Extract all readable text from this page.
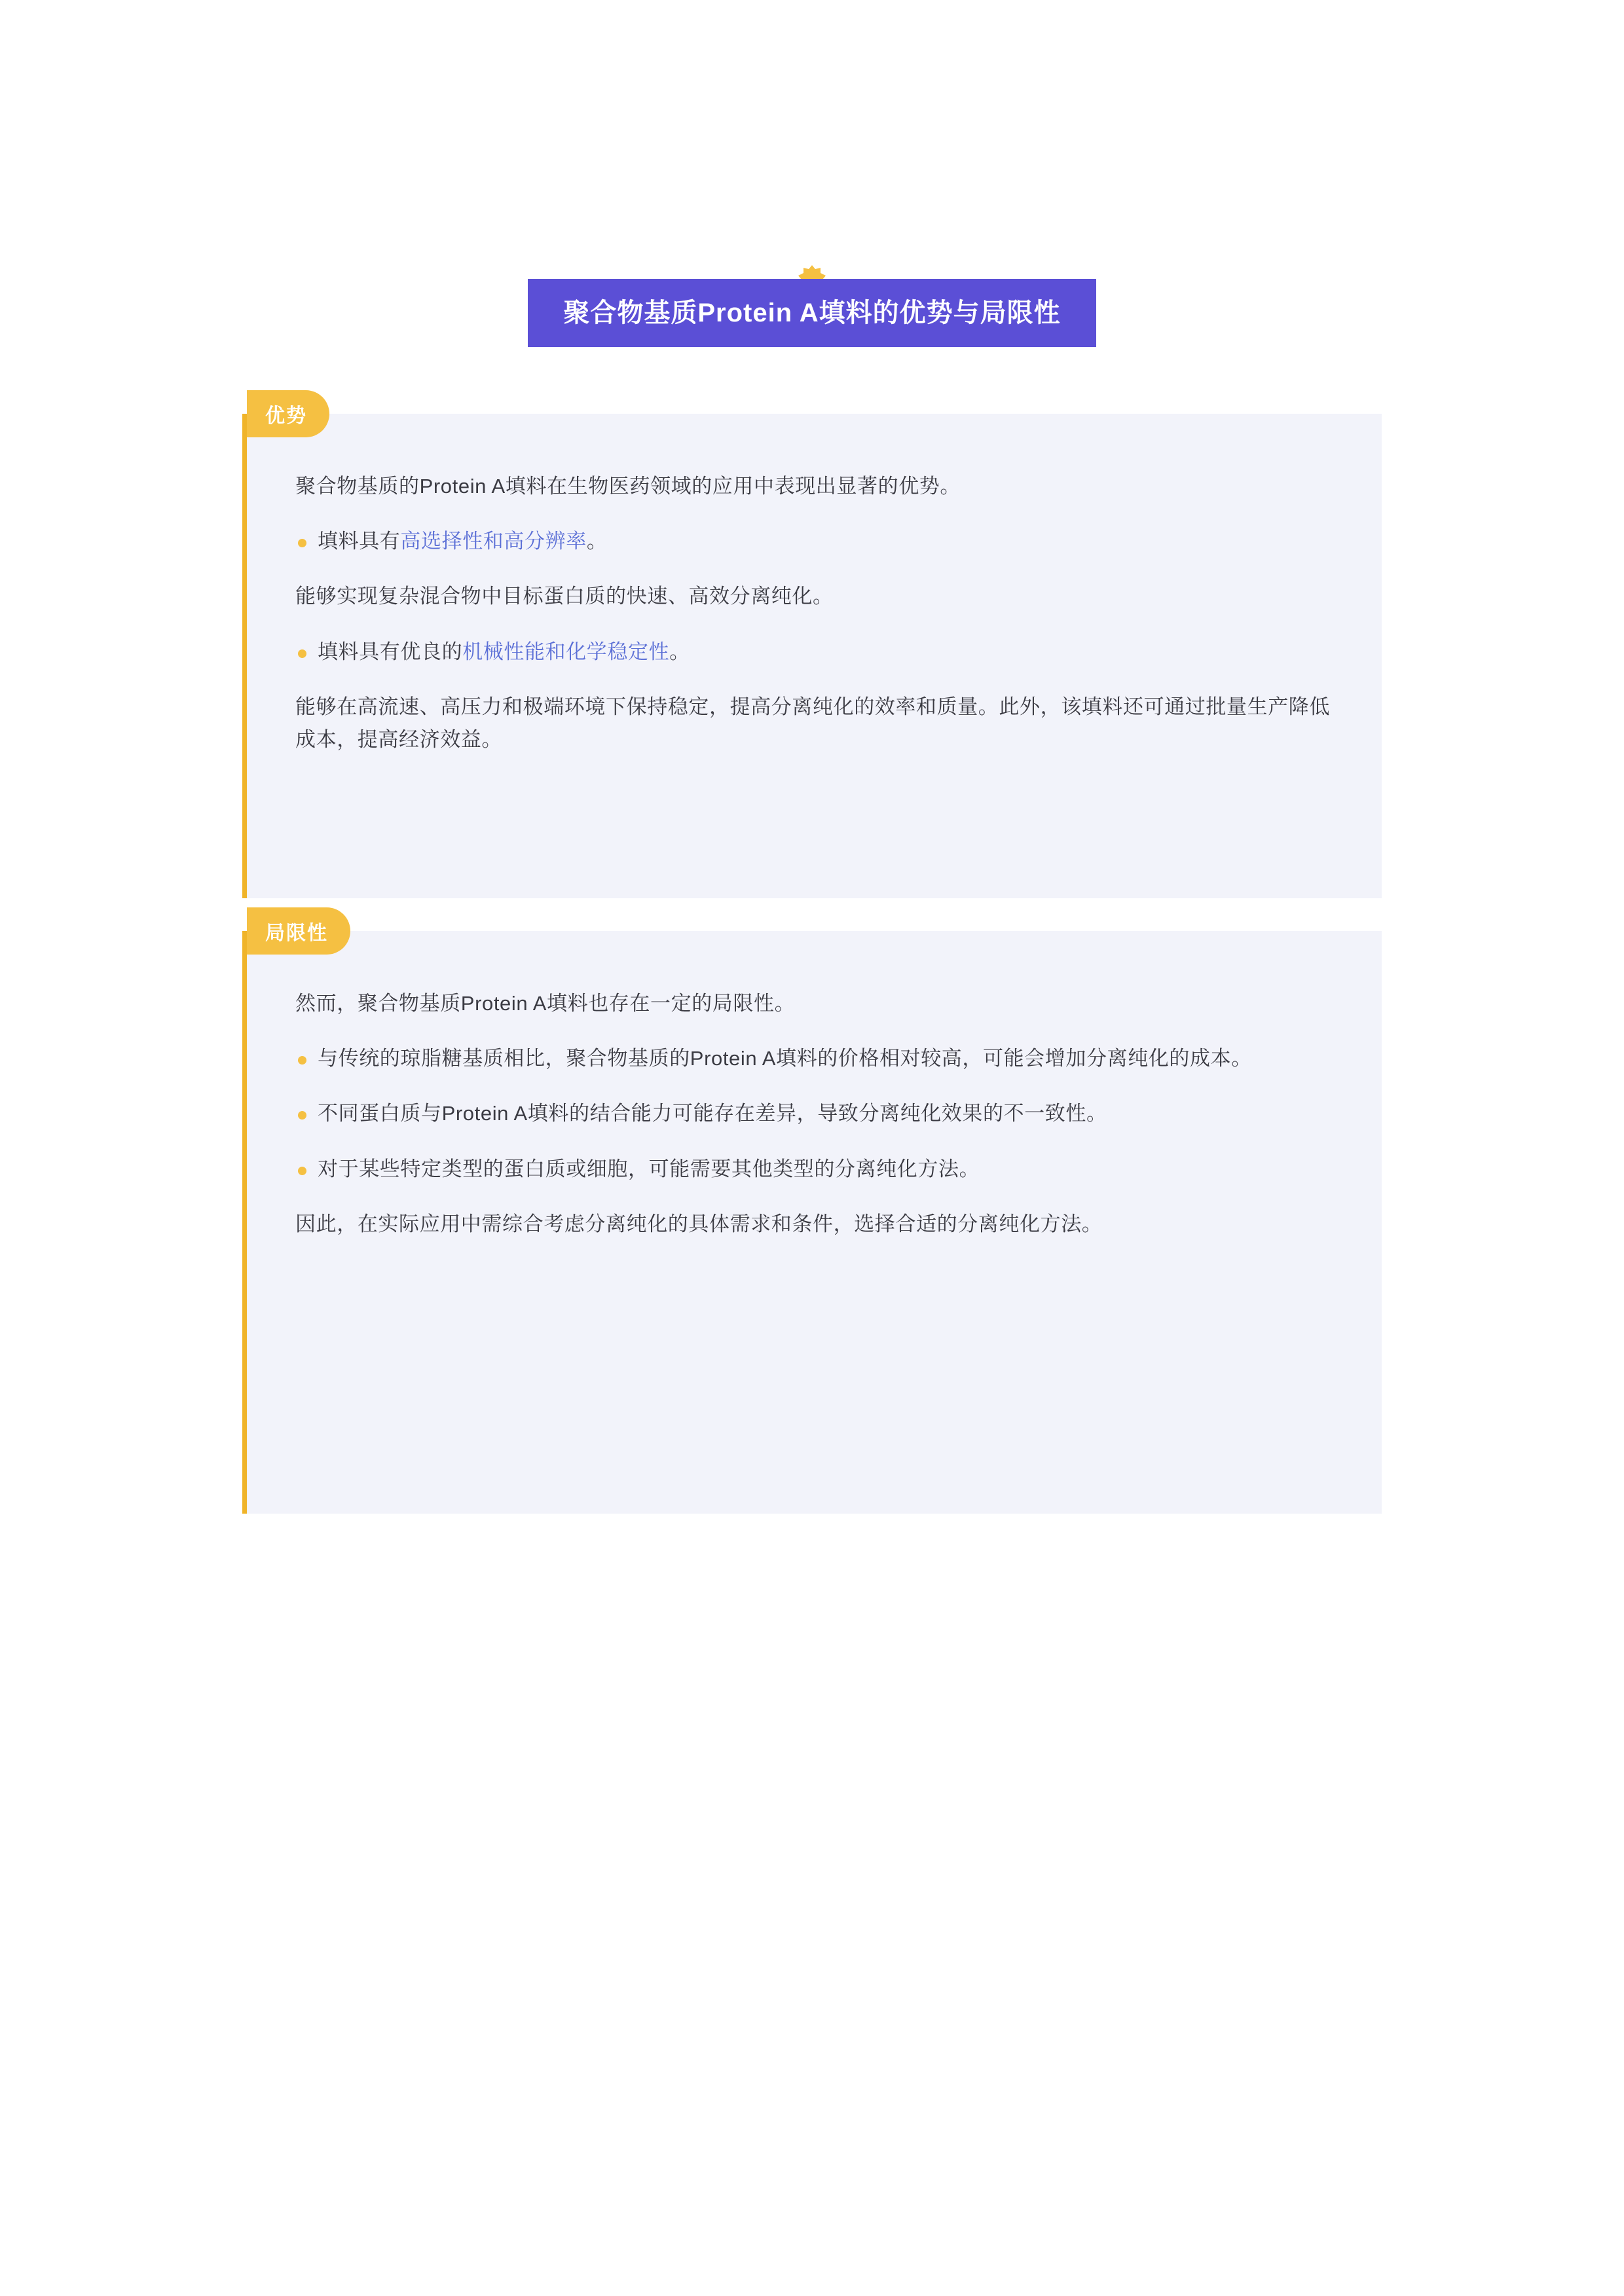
聚合物基质Protein A填料的优势与局限性
优势

聚合物基质的Protein A填料在生物医药领域的应用中表现出显著的优势。

填料具有高选择性和高分辨率。

能够实现复杂混合物中目标蛋白质的快速、高效分离纯化。

填料具有优良的机械性能和化学稳定性。

能够在高流速、高压力和极端环境下保持稳定，提高分离纯化的效率和质量。此外，该填料还可通过批量生产降低成本，提高经济效益。

局限性

然而，聚合物基质Protein A填料也存在一定的局限性。

与传统的琼脂糖基质相比，聚合物基质的Protein A填料的价格相对较高，可能会增加分离纯化的成本。

不同蛋白质与Protein A填料的结合能力可能存在差异，导致分离纯化效果的不一致性。

对于某些特定类型的蛋白质或细胞，可能需要其他类型的分离纯化方法。

因此，在实际应用中需综合考虑分离纯化的具体需求和条件，选择合适的分离纯化方法。
